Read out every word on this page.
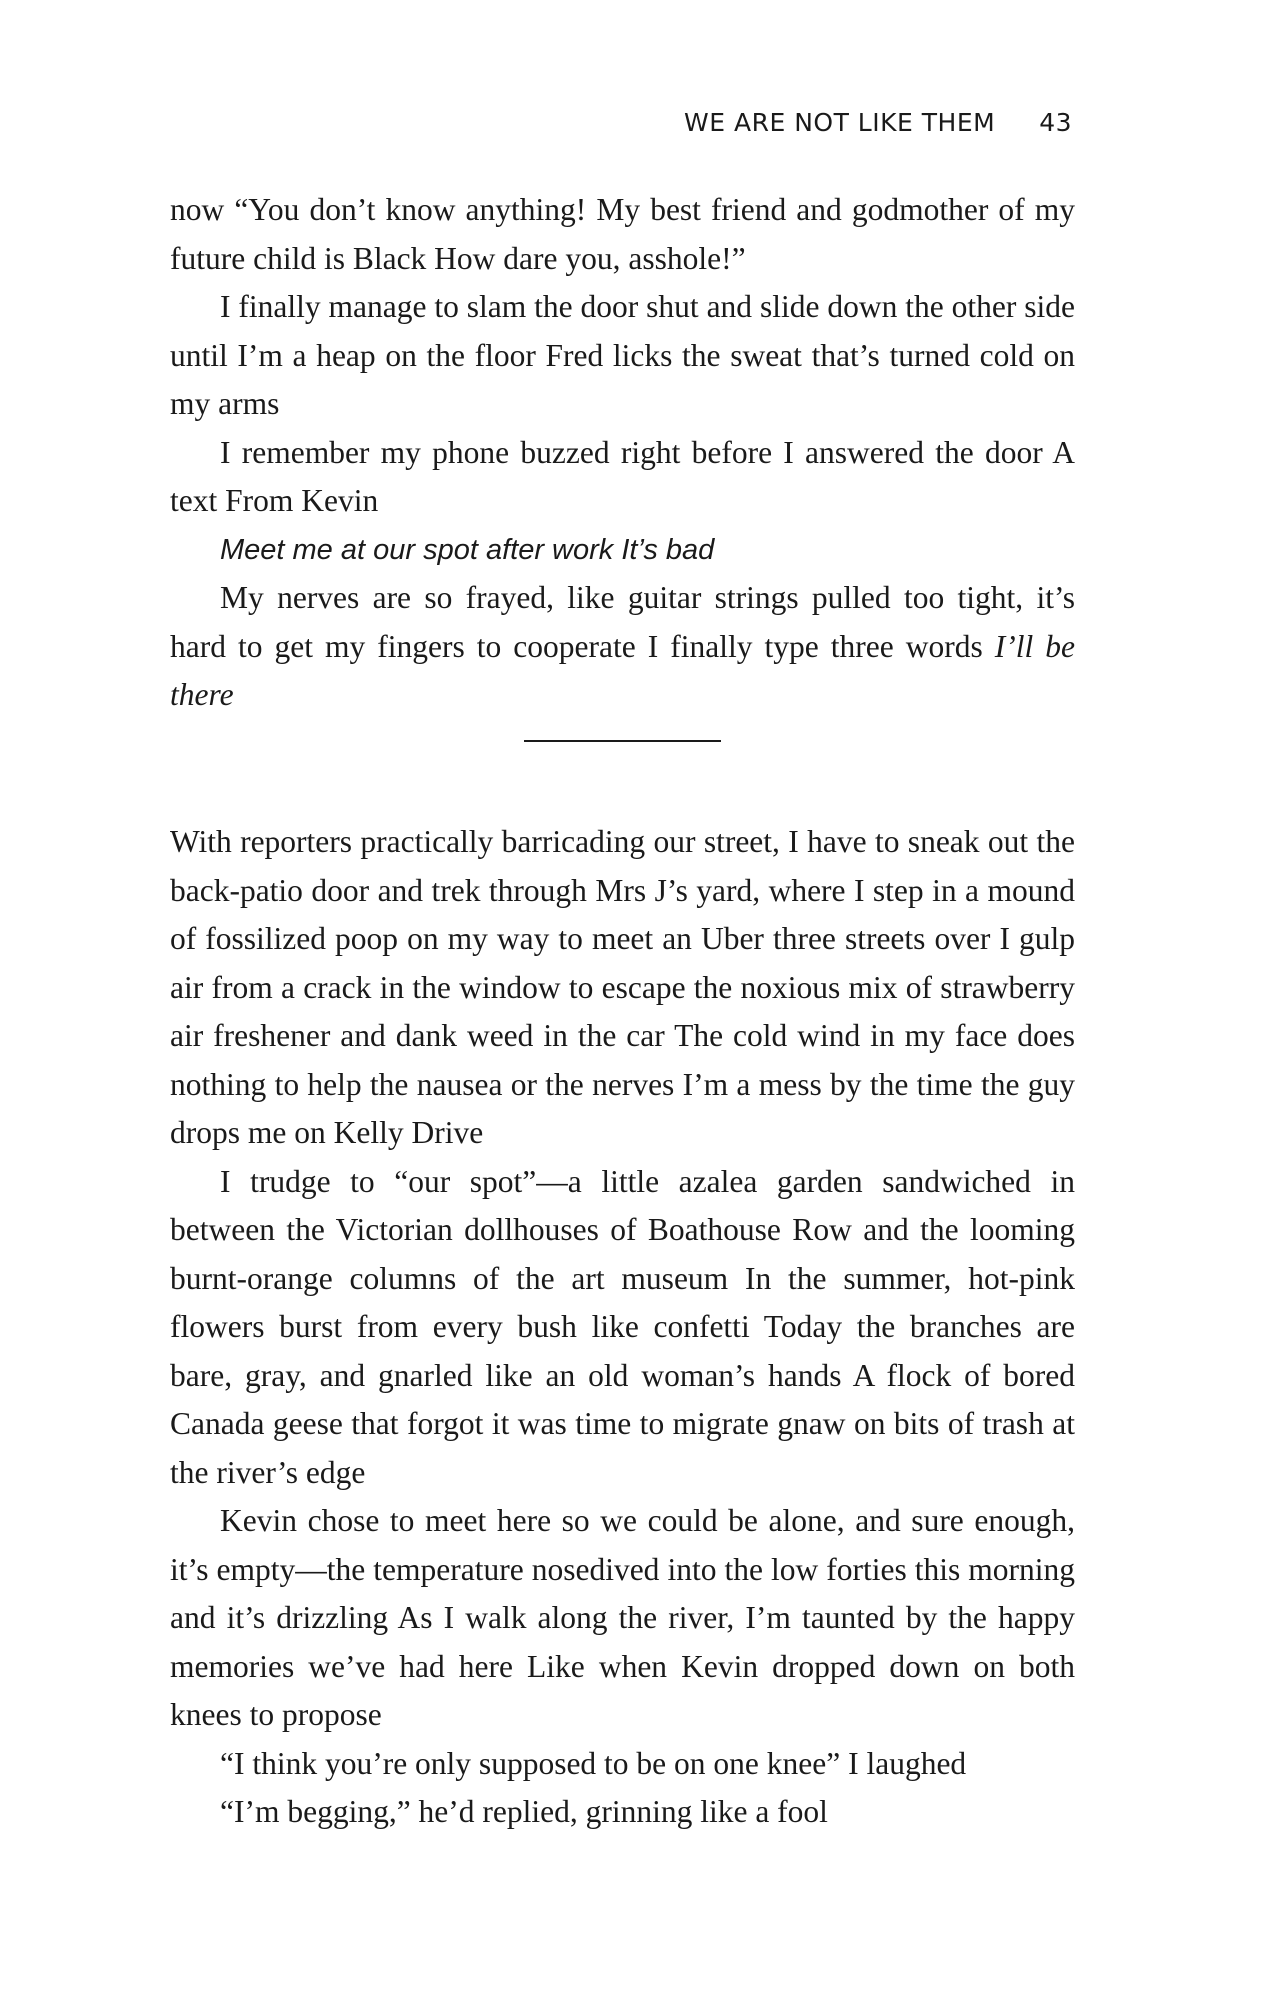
WE ARE NOT LIKE THEM 43

now “You don’t know anything! My best friend and godmother of my future child is Black How dare you, asshole!”

I finally manage to slam the door shut and slide down the other side until I’m a heap on the floor Fred licks the sweat that’s turned cold on my arms

I remember my phone buzzed right before I answered the door A text From Kevin

Meet me at our spot after work It’s bad

My nerves are so frayed, like guitar strings pulled too tight, it’s hard to get my fingers to cooperate I finally type three words I’ll be there

With reporters practically barricading our street, I have to sneak out the back-patio door and trek through Mrs J’s yard, where I step in a mound of fossilized poop on my way to meet an Uber three streets over I gulp air from a crack in the window to escape the noxious mix of strawberry air freshener and dank weed in the car The cold wind in my face does nothing to help the nausea or the nerves I’m a mess by the time the guy drops me on Kelly Drive

I trudge to “our spot”—a little azalea garden sandwiched in between the Victorian dollhouses of Boathouse Row and the looming burnt-orange columns of the art museum In the summer, hot-pink flowers burst from every bush like confetti Today the branches are bare, gray, and gnarled like an old woman’s hands A flock of bored Canada geese that forgot it was time to migrate gnaw on bits of trash at the river’s edge

Kevin chose to meet here so we could be alone, and sure enough, it’s empty—the temperature nosedived into the low forties this morning and it’s drizzling As I walk along the river, I’m taunted by the happy memories we’ve had here Like when Kevin dropped down on both knees to propose

“I think you’re only supposed to be on one knee” I laughed

“I’m begging,” he’d replied, grinning like a fool
